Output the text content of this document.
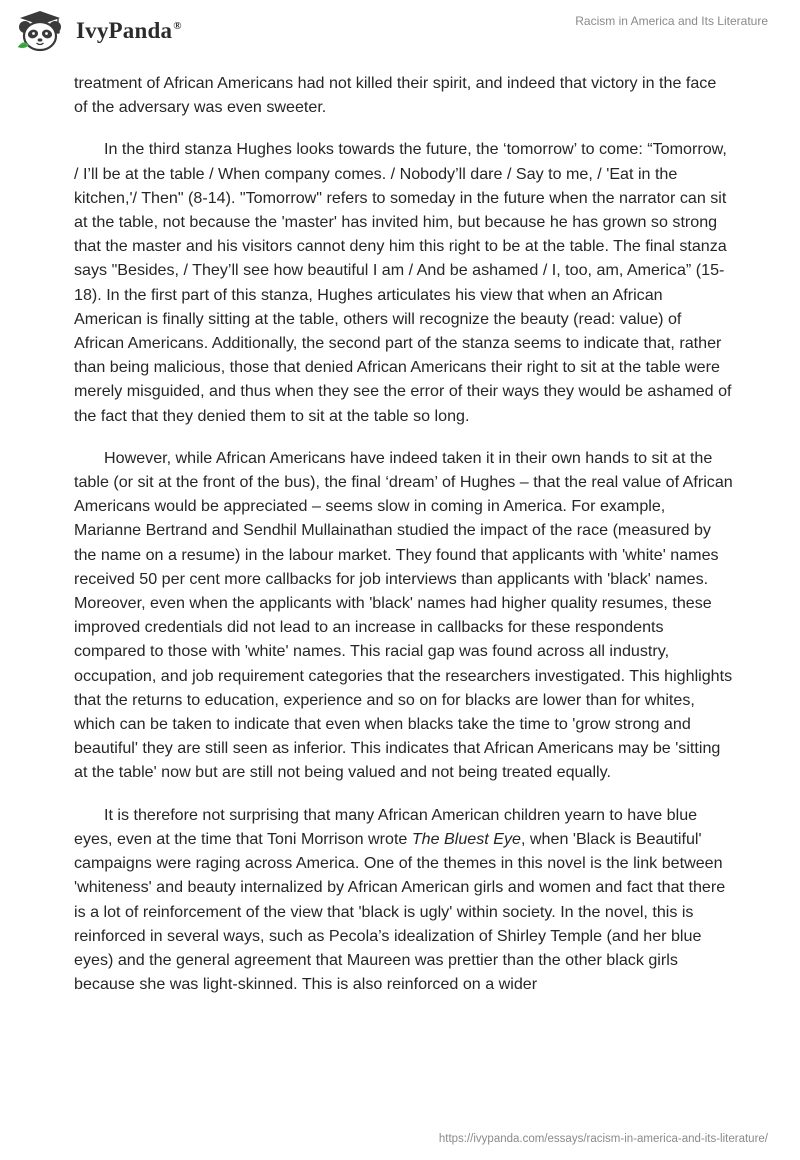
IvyPanda®	Racism in America and Its Literature

treatment of African Americans had not killed their spirit, and indeed that victory in the face of the adversary was even sweeter.

In the third stanza Hughes looks towards the future, the ‘tomorrow’ to come: “Tomorrow, / I’ll be at the table / When company comes. / Nobody’ll dare / Say to me, / 'Eat in the kitchen,'/ Then" (8-14). "Tomorrow" refers to someday in the future when the narrator can sit at the table, not because the 'master' has invited him, but because he has grown so strong that the master and his visitors cannot deny him this right to be at the table. The final stanza says "Besides, / They’ll see how beautiful I am / And be ashamed / I, too, am, America” (15-18). In the first part of this stanza, Hughes articulates his view that when an African American is finally sitting at the table, others will recognize the beauty (read: value) of African Americans. Additionally, the second part of the stanza seems to indicate that, rather than being malicious, those that denied African Americans their right to sit at the table were merely misguided, and thus when they see the error of their ways they would be ashamed of the fact that they denied them to sit at the table so long.

However, while African Americans have indeed taken it in their own hands to sit at the table (or sit at the front of the bus), the final ‘dream’ of Hughes – that the real value of African Americans would be appreciated – seems slow in coming in America. For example, Marianne Bertrand and Sendhil Mullainathan studied the impact of the race (measured by the name on a resume) in the labour market. They found that applicants with 'white' names received 50 per cent more callbacks for job interviews than applicants with 'black' names. Moreover, even when the applicants with 'black' names had higher quality resumes, these improved credentials did not lead to an increase in callbacks for these respondents compared to those with 'white' names. This racial gap was found across all industry, occupation, and job requirement categories that the researchers investigated. This highlights that the returns to education, experience and so on for blacks are lower than for whites, which can be taken to indicate that even when blacks take the time to 'grow strong and beautiful' they are still seen as inferior. This indicates that African Americans may be 'sitting at the table' now but are still not being valued and not being treated equally.

It is therefore not surprising that many African American children yearn to have blue eyes, even at the time that Toni Morrison wrote The Bluest Eye, when 'Black is Beautiful' campaigns were raging across America. One of the themes in this novel is the link between 'whiteness' and beauty internalized by African American girls and women and fact that there is a lot of reinforcement of the view that 'black is ugly' within society. In the novel, this is reinforced in several ways, such as Pecola’s idealization of Shirley Temple (and her blue eyes) and the general agreement that Maureen was prettier than the other black girls because she was light-skinned. This is also reinforced on a wider

https://ivypanda.com/essays/racism-in-america-and-its-literature/
